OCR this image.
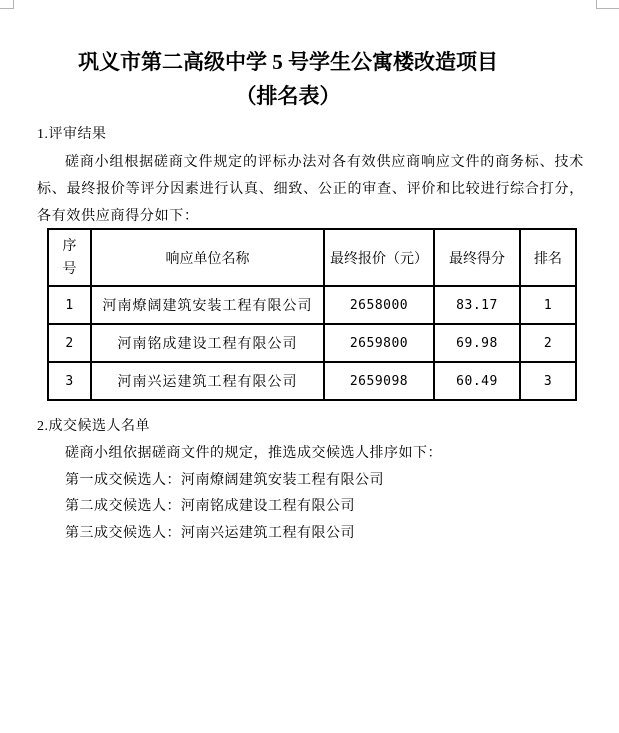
巩义市第二高级中学 5 号学生公寓楼改造项目
（排名表）
1.评审结果

磋商小组根据磋商文件规定的评标办法对各有效供应商响应文件的商务标、技术标、最终报价等评分因素进行认真、细致、公正的审查、评价和比较进行综合打分，各有效供应商得分如下：

序号	响应单位名称	最终报价（元）	最终得分	排名
1	河南燎阔建筑安装工程有限公司	2658000	83.17	1
2	河南铭成建设工程有限公司	2659800	69.98	2
3	河南兴运建筑工程有限公司	2659098	60.49	3
2.成交候选人名单
磋商小组依据磋商文件的规定，推选成交候选人排序如下：
第一成交候选人：河南燎阔建筑安装工程有限公司
第二成交候选人：河南铭成建设工程有限公司
第三成交候选人：河南兴运建筑工程有限公司
